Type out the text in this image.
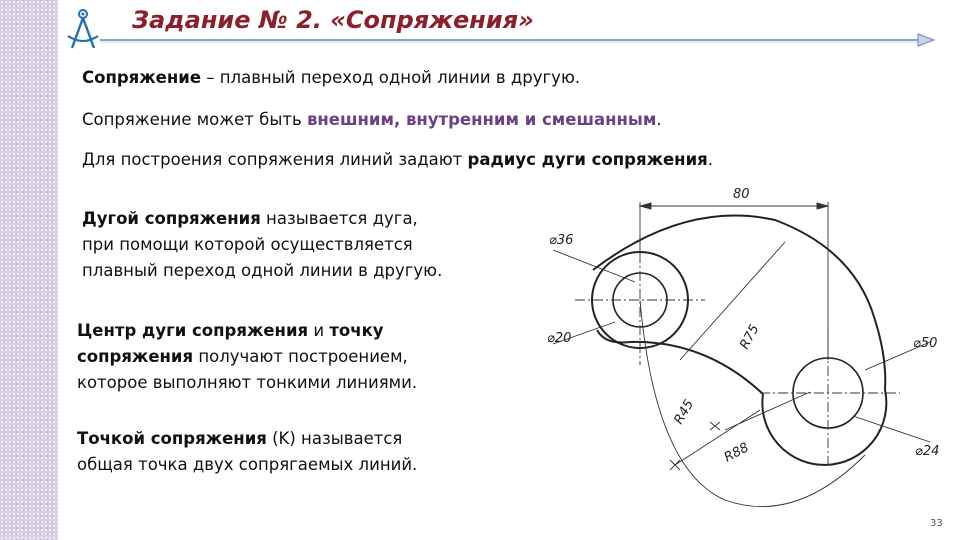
Задание № 2. «Сопряжения»
Сопряжение – плавный переход одной линии в другую.
Сопряжение может быть внешним, внутренним и смешанным.
Для построения сопряжения линий задают радиус дуги сопряжения.
Дугой сопряжения называется дуга,
при помощи которой осуществляется
плавный переход одной линии в другую.
Центр дуги сопряжения и точку
сопряжения получают построением,
которое выполняют тонкими линиями.
Точкой сопряжения (K) называется
общая точка двух сопрягаемых линий.
80
⌀36
⌀20	⌀50
⌀24
R75
R45
R88
33
